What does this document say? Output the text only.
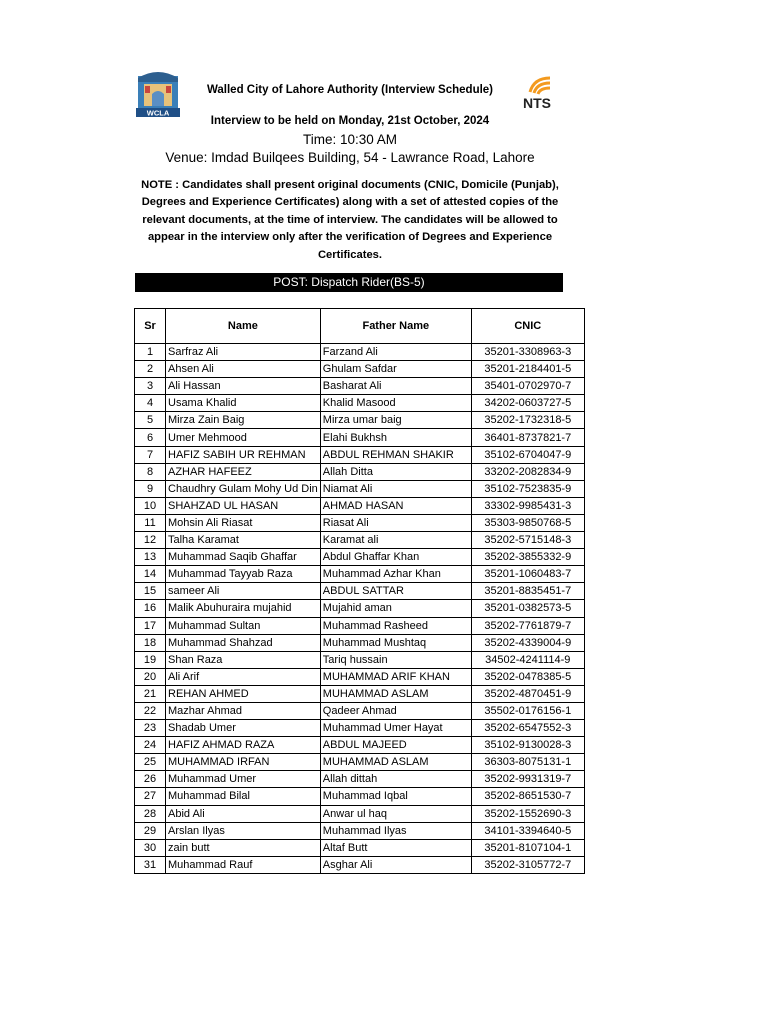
WCLA
NTS
Walled City of Lahore Authority (Interview Schedule)
Interview to be held on Monday, 21st October, 2024
Time: 10:30 AM
Venue: Imdad Builqees Building, 54 - Lawrance Road, Lahore
NOTE : Candidates shall present original documents (CNIC, Domicile (Punjab), Degrees and Experience Certificates) along with a set of attested copies of the relevant documents, at the time of interview. The candidates will be allowed to appear in the interview only after the verification of Degrees and Experience Certificates.
POST: Dispatch Rider(BS-5)
Sr	Name	Father Name	CNIC
1	Sarfraz Ali	Farzand Ali	35201-3308963-3
2	Ahsen Ali	Ghulam Safdar	35201-2184401-5
3	Ali Hassan	Basharat Ali	35401-0702970-7
4	Usama Khalid	Khalid Masood	34202-0603727-5
5	Mirza Zain Baig	Mirza umar baig	35202-1732318-5
6	Umer Mehmood	Elahi Bukhsh	36401-8737821-7
7	HAFIZ SABIH UR REHMAN	ABDUL REHMAN SHAKIR	35102-6704047-9
8	AZHAR HAFEEZ	Allah Ditta	33202-2082834-9
9	Chaudhry Gulam Mohy Ud Din	Niamat Ali	35102-7523835-9
10	SHAHZAD UL HASAN	AHMAD HASAN	33302-9985431-3
11	Mohsin Ali Riasat	Riasat Ali	35303-9850768-5
12	Talha Karamat	Karamat ali	35202-5715148-3
13	Muhammad Saqib Ghaffar	Abdul Ghaffar Khan	35202-3855332-9
14	Muhammad Tayyab Raza	Muhammad Azhar Khan	35201-1060483-7
15	sameer Ali	ABDUL SATTAR	35201-8835451-7
16	Malik Abuhuraira mujahid	Mujahid aman	35201-0382573-5
17	Muhammad Sultan	Muhammad Rasheed	35202-7761879-7
18	Muhammad Shahzad	Muhammad Mushtaq	35202-4339004-9
19	Shan Raza	Tariq hussain	34502-4241114-9
20	Ali Arif	MUHAMMAD ARIF KHAN	35202-0478385-5
21	REHAN AHMED	MUHAMMAD ASLAM	35202-4870451-9
22	Mazhar Ahmad	Qadeer Ahmad	35502-0176156-1
23	Shadab Umer	Muhammad Umer Hayat	35202-6547552-3
24	HAFIZ AHMAD RAZA	ABDUL MAJEED	35102-9130028-3
25	MUHAMMAD IRFAN	MUHAMMAD ASLAM	36303-8075131-1
26	Muhammad Umer	Allah dittah	35202-9931319-7
27	Muhammad Bilal	Muhammad Iqbal	35202-8651530-7
28	Abid Ali	Anwar ul haq	35202-1552690-3
29	Arslan Ilyas	Muhammad Ilyas	34101-3394640-5
30	zain butt	Altaf Butt	35201-8107104-1
31	Muhammad Rauf	Asghar Ali	35202-3105772-7
